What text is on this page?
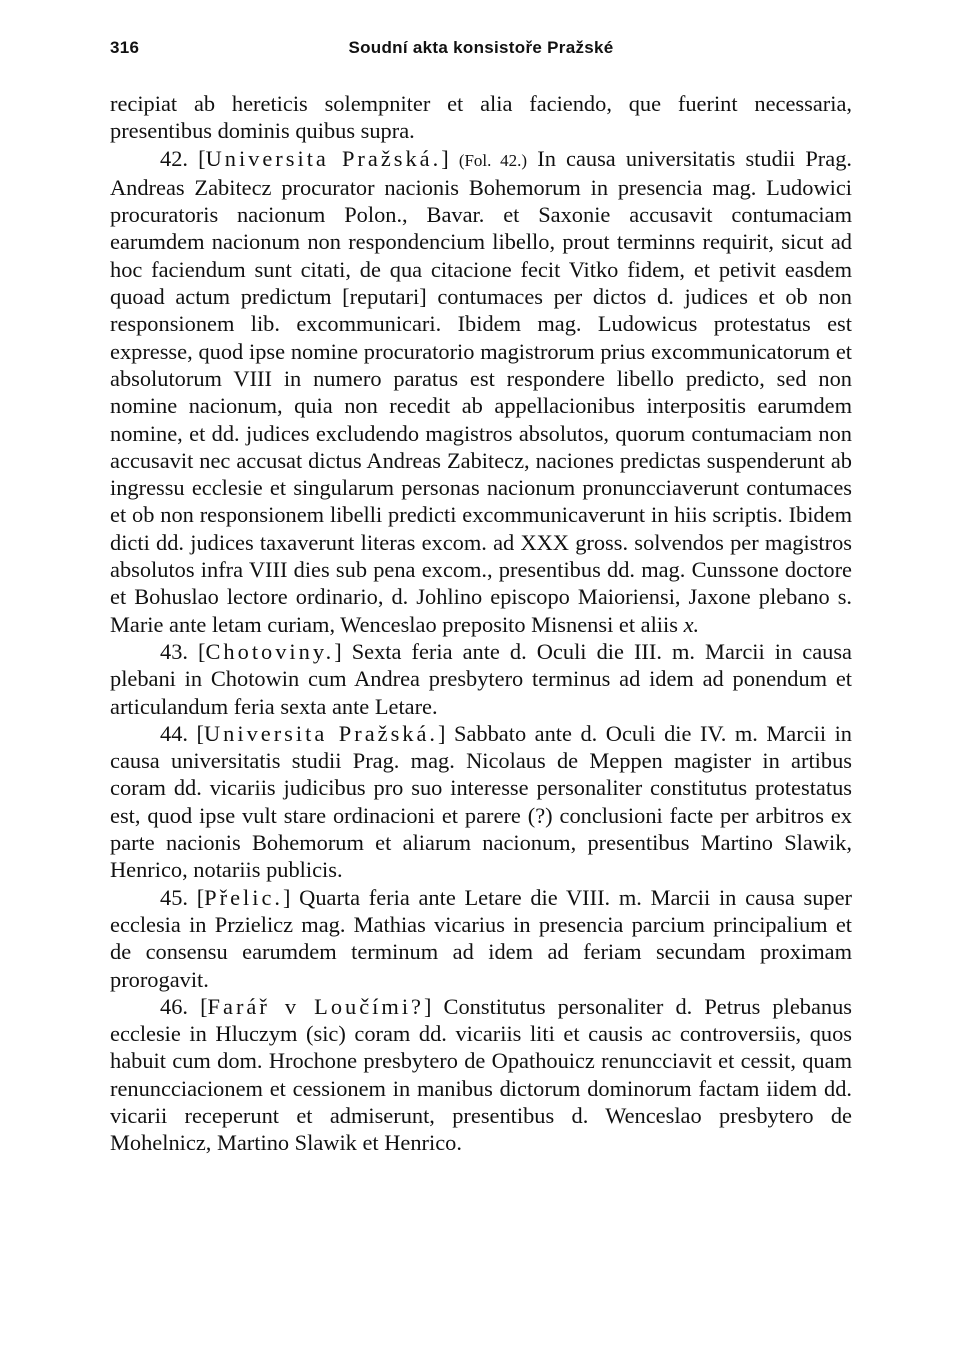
316	Soudní akta konsistoře Pražské

recipiat ab hereticis solempniter et alia faciendo, que fuerint necessaria, presentibus dominis quibus supra.

42. [Universita Pražská.] (Fol. 42.) In causa universitatis studii Prag. Andreas Zabitecz procurator nacionis Bohemorum in presencia mag. Ludowici procuratoris nacionum Polon., Bavar. et Saxonie accusavit contumaciam earumdem nacionum non respondencium libello, prout terminns requirit, sicut ad hoc faciendum sunt citati, de qua citacione fecit Vitko fidem, et petivit easdem quoad actum predictum [reputari] contumaces per dictos d. judices et ob non responsionem lib. excommunicari. Ibidem mag. Ludowicus protestatus est expresse, quod ipse nomine procuratorio magistrorum prius excommunicatorum et absolutorum VIII in numero paratus est respondere libello predicto, sed non nomine nacionum, quia non recedit ab appellacionibus interpositis earumdem nomine, et dd. judices excludendo magistros absolutos, quorum contumaciam non accusavit nec accusat dictus Andreas Zabitecz, naciones predictas suspenderunt ab ingressu ecclesie et singularum personas nacionum pronuncciaverunt contumaces et ob non responsionem libelli predicti excommunicaverunt in hiis scriptis. Ibidem dicti dd. judices taxaverunt literas excom. ad XXX gross. solvendos per magistros absolutos infra VIII dies sub pena excom., presentibus dd. mag. Cunssone doctore et Bohuslao lectore ordinario, d. Johlino episcopo Maioriensi, Jaxone plebano s. Marie ante letam curiam, Wenceslao preposito Misnensi et aliis x.

43. [Chotoviny.] Sexta feria ante d. Oculi die III. m. Marcii in causa plebani in Chotowin cum Andrea presbytero terminus ad idem ad ponendum et articulandum feria sexta ante Letare.

44. [Universita Pražská.] Sabbato ante d. Oculi die IV. m. Marcii in causa universitatis studii Prag. mag. Nicolaus de Meppen magister in artibus coram dd. vicariis judicibus pro suo interesse personaliter constitutus protestatus est, quod ipse vult stare ordinacioni et parere (?) conclusioni facte per arbitros ex parte nacionis Bohemorum et aliarum nacionum, presentibus Martino Slawik, Henrico, notariis publicis.

45. [Přelic.] Quarta feria ante Letare die VIII. m. Marcii in causa super ecclesia in Przielicz mag. Mathias vicarius in presencia parcium principalium et de consensu earumdem terminum ad idem ad feriam secundam proximam prorogavit.

46. [Farář v Loučími?] Constitutus personaliter d. Petrus plebanus ecclesie in Hluczym (sic) coram dd. vicariis liti et causis ac controversiis, quos habuit cum dom. Hrochone presbytero de Opathouicz renuncciavit et cessit, quam renuncciacionem et cessionem in manibus dictorum dominorum factam iidem dd. vicarii receperunt et admiserunt, presentibus d. Wenceslao presbytero de Mohelnicz, Martino Slawik et Henrico.
